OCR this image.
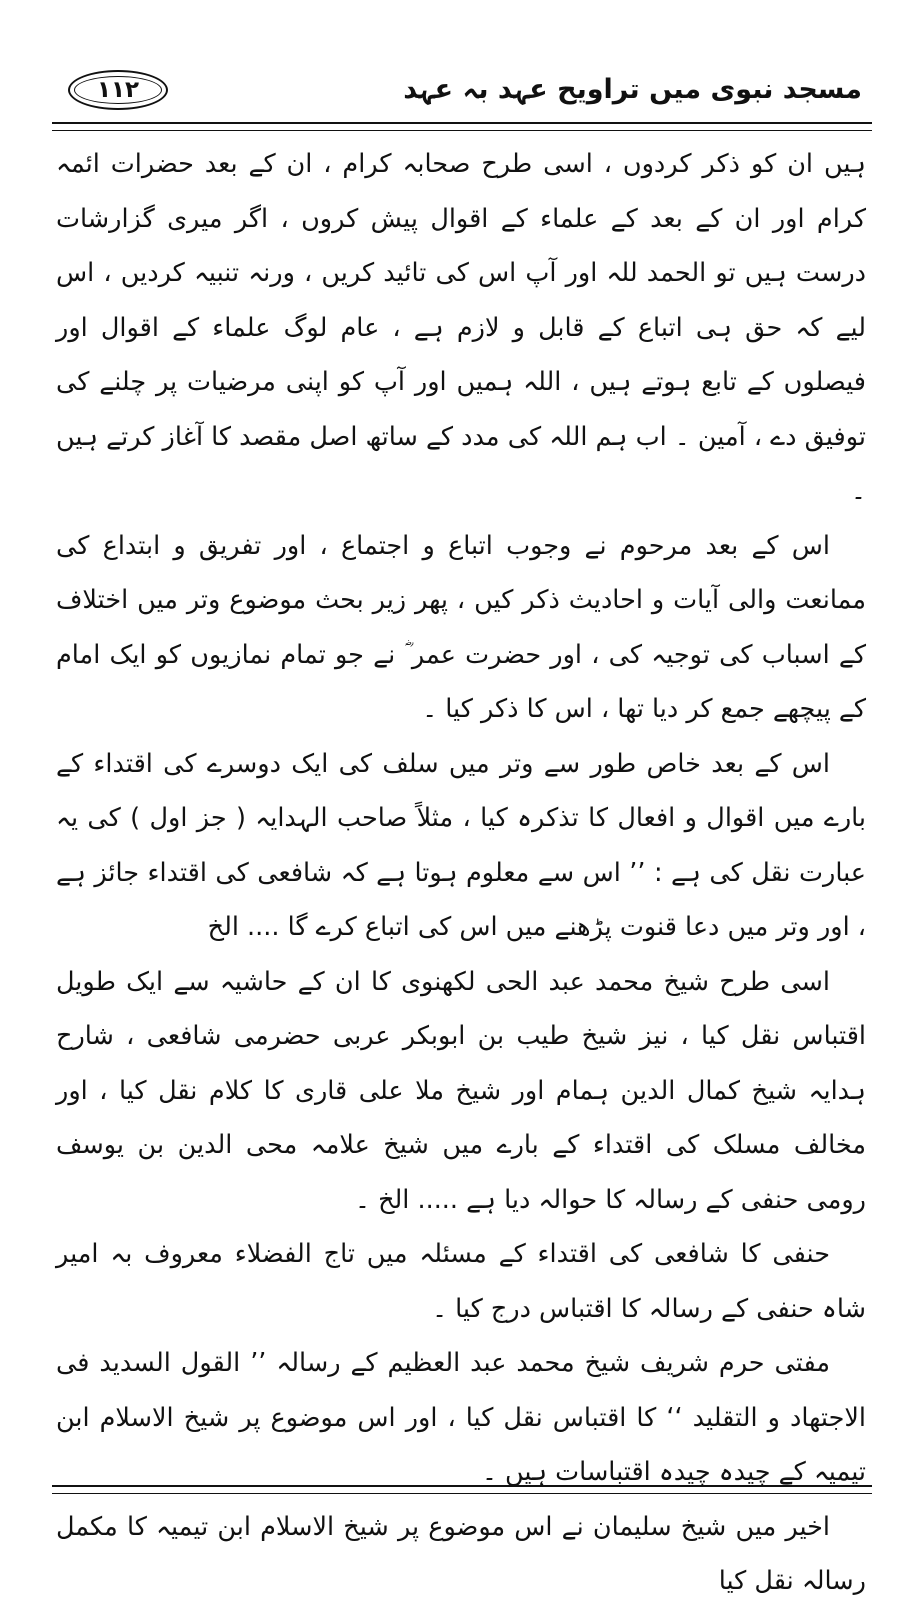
مسجد نبوی میں تراویح عہد بہ عہد
۱۱۲

ہیں ان کو ذکر کردوں ، اسی طرح صحابہ کرام ، ان کے بعد حضرات ائمہ کرام اور ان کے بعد کے علماء کے اقوال پیش کروں ، اگر میری گزارشات درست ہیں تو الحمد للہ اور آپ اس کی تائید کریں ، ورنہ تنبیہ کردیں ، اس لیے کہ حق ہی اتباع کے قابل و لازم ہے ، عام لوگ علماء کے اقوال اور فیصلوں کے تابع ہوتے ہیں ، اللہ ہمیں اور آپ کو اپنی مرضیات پر چلنے کی توفیق دے ، آمین ۔ اب ہم اللہ کی مدد کے ساتھ اصل مقصد کا آغاز کرتے ہیں ۔

اس کے بعد مرحوم نے وجوب اتباع و اجتماع ، اور تفریق و ابتداع کی ممانعت والی آیات و احادیث ذکر کیں ، پھر زیر بحث موضوع وتر میں اختلاف کے اسباب کی توجیہ کی ، اور حضرت عمر ؓ نے جو تمام نمازیوں کو ایک امام کے پیچھے جمع کر دیا تھا ، اس کا ذکر کیا ۔

اس کے بعد خاص طور سے وتر میں سلف کی ایک دوسرے کی اقتداء کے بارے میں اقوال و افعال کا تذکرہ کیا ، مثلاً صاحب الہدایہ ( جز اول ) کی یہ عبارت نقل کی ہے : ’’ اس سے معلوم ہوتا ہے کہ شافعی کی اقتداء جائز ہے ، اور وتر میں دعا قنوت پڑھنے میں اس کی اتباع کرے گا .... الخ

اسی طرح شیخ محمد عبد الحی لکھنوی کا ان کے حاشیہ سے ایک طویل اقتباس نقل کیا ، نیز شیخ طیب بن ابوبکر عربی حضرمی شافعی ، شارح ہدایہ شیخ کمال الدین ہمام اور شیخ ملا علی قاری کا کلام نقل کیا ، اور مخالف مسلک کی اقتداء کے بارے میں شیخ علامہ محی الدین بن یوسف رومی حنفی کے رسالہ کا حوالہ دیا ہے ..... الخ ۔

حنفی کا شافعی کی اقتداء کے مسئلہ میں تاج الفضلاء معروف بہ امیر شاہ حنفی کے رسالہ کا اقتباس درج کیا ۔

مفتی حرم شریف شیخ محمد عبد العظیم کے رسالہ ’’ القول السدید فی الاجتهاد و التقلید ‘‘ کا اقتباس نقل کیا ، اور اس موضوع پر شیخ الاسلام ابن تیمیہ کے چیدہ چیدہ اقتباسات ہیں ۔

اخیر میں شیخ سلیمان نے اس موضوع پر شیخ الاسلام ابن تیمیہ کا مکمل رسالہ نقل کیا
